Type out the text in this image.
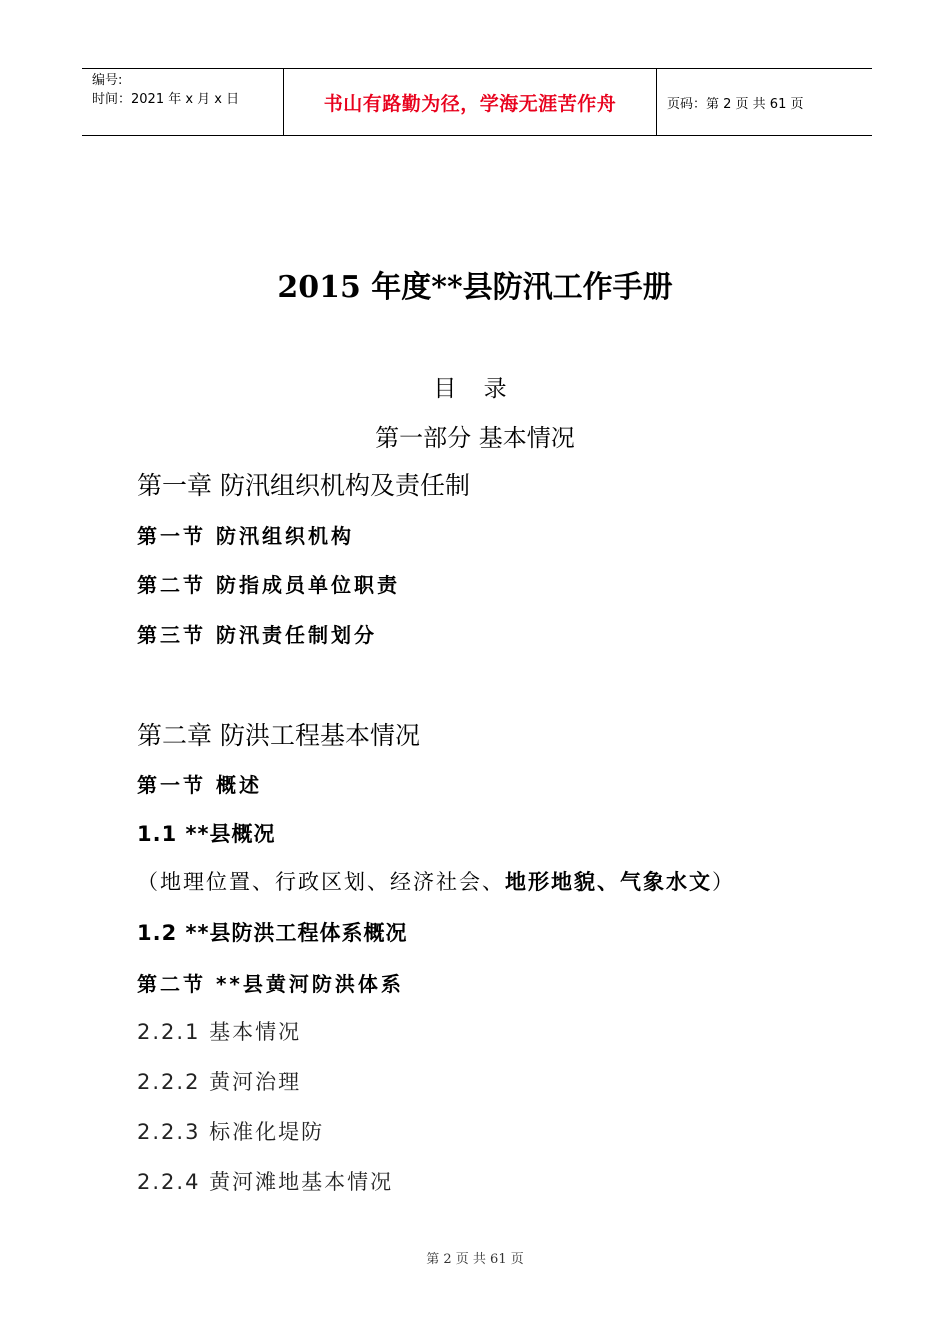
编号:
时间：2021 年 x 月 x 日	书山有路勤为径，学海无涯苦作舟	页码：第 2 页 共 61 页
2015 年度**县防汛工作手册
目 录
第一部分 基本情况
第一章 防汛组织机构及责任制
第一节 防汛组织机构
第二节 防指成员单位职责
第三节 防汛责任制划分
第二章 防洪工程基本情况
第一节 概述
1.1 **县概况
（地理位置、行政区划、经济社会、地形地貌、气象水文）
1.2 **县防洪工程体系概况
第二节 **县黄河防洪体系
2.2.1 基本情况
2.2.2 黄河治理
2.2.3 标准化堤防
2.2.4 黄河滩地基本情况
第 2 页 共 61 页
